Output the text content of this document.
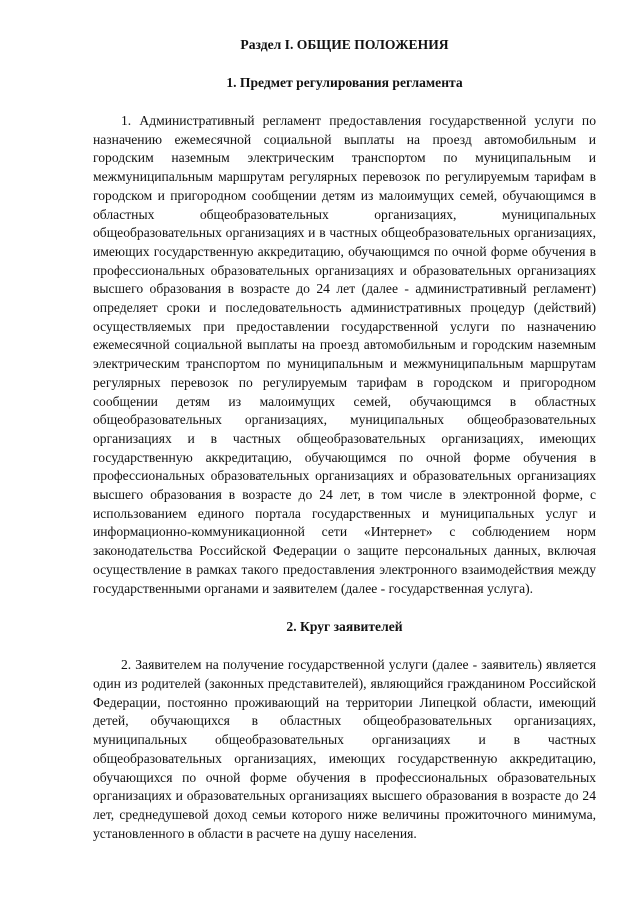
Раздел I. ОБЩИЕ ПОЛОЖЕНИЯ
1. Предмет регулирования регламента

1. Административный регламент предоставления государственной услуги по назначению ежемесячной социальной выплаты на проезд автомобильным и городским наземным электрическим транспортом по муниципальным и межмуниципальным маршрутам регулярных перевозок по регулируемым тарифам в городском и пригородном сообщении детям из малоимущих семей, обучающимся в областных общеобразовательных организациях, муниципальных общеобразовательных организациях и в частных общеобразовательных организациях, имеющих государственную аккредитацию, обучающимся по очной форме обучения в профессиональных образовательных организациях и образовательных организациях высшего образования в возрасте до 24 лет (далее - административный регламент) определяет сроки и последовательность административных процедур (действий) осуществляемых при предоставлении государственной услуги по назначению ежемесячной социальной выплаты на проезд автомобильным и городским наземным электрическим транспортом по муниципальным и межмуниципальным маршрутам регулярных перевозок по регулируемым тарифам в городском и пригородном сообщении детям из малоимущих семей, обучающимся в областных общеобразовательных организациях, муниципальных общеобразовательных организациях и в частных общеобразовательных организациях, имеющих государственную аккредитацию, обучающимся по очной форме обучения в профессиональных образовательных организациях и образовательных организациях высшего образования в возрасте до 24 лет, в том числе в электронной форме, с использованием единого портала государственных и муниципальных услуг и информационно-коммуникационной сети «Интернет» с соблюдением норм законодательства Российской Федерации о защите персональных данных, включая осуществление в рамках такого предоставления электронного взаимодействия между государственными органами и заявителем (далее - государственная услуга).

2. Круг заявителей

2. Заявителем на получение государственной услуги (далее - заявитель) является один из родителей (законных представителей), являющийся гражданином Российской Федерации, постоянно проживающий на территории Липецкой области, имеющий детей, обучающихся в областных общеобразовательных организациях, муниципальных общеобразовательных организациях и в частных общеобразовательных организациях, имеющих государственную аккредитацию, обучающихся по очной форме обучения в профессиональных образовательных организациях и образовательных организациях высшего образования в возрасте до 24 лет, среднедушевой доход семьи которого ниже величины прожиточного минимума, установленного в области в расчете на душу населения.
